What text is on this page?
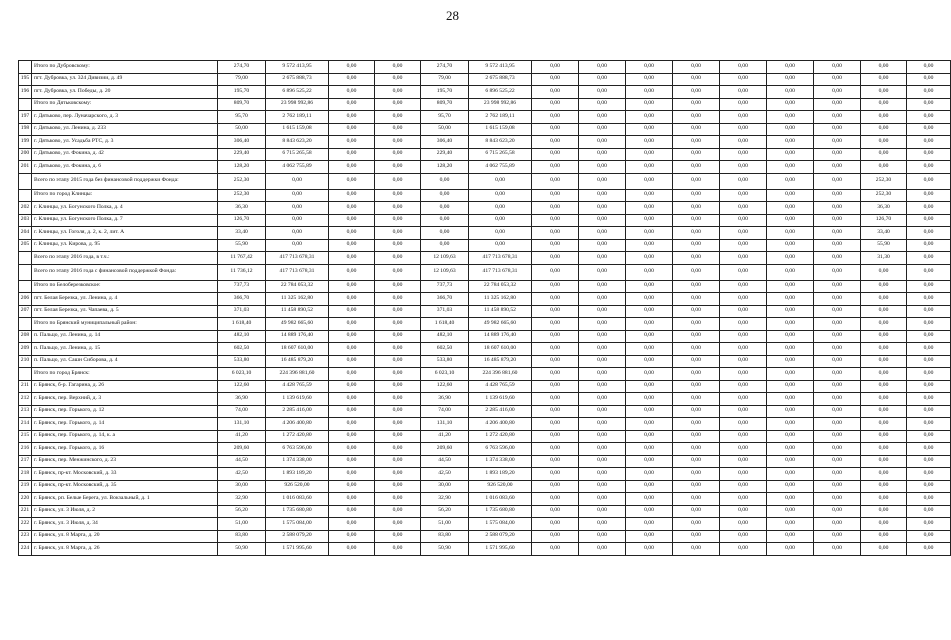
28
	Итого по Дубровскому:	274,70	9 572 413,95	0,00	0,00	274,70	9 572 413,95	0,00	0,00	0,00	0,00	0,00	0,00	0,00	0,00	0,00
195	пгт. Дубровка, ул. 324 Дивизии, д. 49	79,00	2 675 888,73	0,00	0,00	79,00	2 675 888,73	0,00	0,00	0,00	0,00	0,00	0,00	0,00	0,00	0,00
196	пгт. Дубровка, ул. Победы, д. 20	195,70	6 896 525,22	0,00	0,00	195,70	6 896 525,22	0,00	0,00	0,00	0,00	0,00	0,00	0,00	0,00	0,00
	Итого по Дятьковскому:	809,70	23 998 992,86	0,00	0,00	809,70	23 998 992,86	0,00	0,00	0,00	0,00	0,00	0,00	0,00	0,00	0,00
197	г. Дятьково, пер. Луначарского, д. 3	95,70	2 762 189,11	0,00	0,00	95,70	2 762 189,11	0,00	0,00	0,00	0,00	0,00	0,00	0,00	0,00	0,00
198	г. Дятьково, ул. Ленина, д. 233	50,00	1 615 159,08	0,00	0,00	50,00	1 615 159,08	0,00	0,00	0,00	0,00	0,00	0,00	0,00	0,00	0,00
199	г. Дятьково, ул. Усадьба РТС, д. 3	306,40	8 843 623,20	0,00	0,00	306,40	8 843 623,20	0,00	0,00	0,00	0,00	0,00	0,00	0,00	0,00	0,00
200	г. Дятьково, ул. Фокина, д. 42	229,40	6 715 265,58	0,00	0,00	229,40	6 715 265,58	0,00	0,00	0,00	0,00	0,00	0,00	0,00	0,00	0,00
201	г. Дятьково, ул. Фокина, д. 6	128,20	4 062 755,89	0,00	0,00	128,20	4 062 755,89	0,00	0,00	0,00	0,00	0,00	0,00	0,00	0,00	0,00
	Всего по этапу 2015 года без финансовой поддержки Фонда:	252,30	0,00	0,00	0,00	0,00	0,00	0,00	0,00	0,00	0,00	0,00	0,00	0,00	252,30	0,00
	Итого по город Клинцы:	252,30	0,00	0,00	0,00	0,00	0,00	0,00	0,00	0,00	0,00	0,00	0,00	0,00	252,30	0,00
202	г. Клинцы, ул. Богунского Полка, д. 4	36,30	0,00	0,00	0,00	0,00	0,00	0,00	0,00	0,00	0,00	0,00	0,00	0,00	36,30	0,00
203	г. Клинцы, ул. Богунского Полка, д. 7	126,70	0,00	0,00	0,00	0,00	0,00	0,00	0,00	0,00	0,00	0,00	0,00	0,00	126,70	0,00
204	г. Клинцы, ул. Гоголя, д. 2, к. 2, лит. А	33,40	0,00	0,00	0,00	0,00	0,00	0,00	0,00	0,00	0,00	0,00	0,00	0,00	33,40	0,00
205	г. Клинцы, ул. Кирова, д. 95	55,90	0,00	0,00	0,00	0,00	0,00	0,00	0,00	0,00	0,00	0,00	0,00	0,00	55,90	0,00
	Всего по этапу 2016 года, в т.ч.:	11 767,42	417 713 678,31	0,00	0,00	12 109,63	417 713 678,31	0,00	0,00	0,00	0,00	0,00	0,00	0,00	31,30	0,00
	Всего по этапу 2016 года с финансовой поддержкой Фонда:	11 736,12	417 713 678,31	0,00	0,00	12 109,63	417 713 678,31	0,00	0,00	0,00	0,00	0,00	0,00	0,00	0,00	0,00
	Итого по Белоберезковское:	737,73	22 784 053,32	0,00	0,00	737,73	22 784 053,32	0,00	0,00	0,00	0,00	0,00	0,00	0,00	0,00	0,00
206	пгт. Белая Березка, ул. Ленина, д. 4	366,70	11 325 162,80	0,00	0,00	366,70	11 325 162,80	0,00	0,00	0,00	0,00	0,00	0,00	0,00	0,00	0,00
207	пгт. Белая Березка, ул. Чапаева, д. 5	371,03	11 458 890,52	0,00	0,00	371,03	11 458 890,52	0,00	0,00	0,00	0,00	0,00	0,00	0,00	0,00	0,00
	Итого по Брянский муниципальный район:	1 618,40	49 982 665,60	0,00	0,00	1 618,40	49 982 665,60	0,00	0,00	0,00	0,00	0,00	0,00	0,00	0,00	0,00
208	п. Пальцо, ул. Ленина, д. 14	482,10	14 889 176,40	0,00	0,00	482,10	14 889 176,40	0,00	0,00	0,00	0,00	0,00	0,00	0,00	0,00	0,00
209	п. Пальцо, ул. Ленина, д. 15	602,50	18 607 610,00	0,00	0,00	602,50	18 607 610,00	0,00	0,00	0,00	0,00	0,00	0,00	0,00	0,00	0,00
210	п. Пальцо, ул. Сашн Сиборова, д. 4	533,80	16 485 879,20	0,00	0,00	533,80	16 485 879,20	0,00	0,00	0,00	0,00	0,00	0,00	0,00	0,00	0,00
	Итого по город Брянск:	6 023,10	224 396 881,60	0,00	0,00	6 023,10	224 396 881,60	0,00	0,00	0,00	0,00	0,00	0,00	0,00	0,00	0,00
211	г. Брянск, б-р. Гагарина, д. 26	122,60	4 428 765,59	0,00	0,00	122,60	4 428 765,59	0,00	0,00	0,00	0,00	0,00	0,00	0,00	0,00	0,00
212	г. Брянск, пер. Верхний, д. 3	36,90	1 139 619,60	0,00	0,00	36,90	1 139 619,60	0,00	0,00	0,00	0,00	0,00	0,00	0,00	0,00	0,00
213	г. Брянск, пер. Горького, д. 12	74,00	2 285 416,00	0,00	0,00	74,00	2 285 416,00	0,00	0,00	0,00	0,00	0,00	0,00	0,00	0,00	0,00
214	г. Брянск, пер. Горького, д. 14	131,10	4 206 400,80	0,00	0,00	131,10	4 206 400,80	0,00	0,00	0,00	0,00	0,00	0,00	0,00	0,00	0,00
215	г. Брянск, пер. Горького, д. 14, к. а	41,20	1 272 420,80	0,00	0,00	41,20	1 272 420,80	0,00	0,00	0,00	0,00	0,00	0,00	0,00	0,00	0,00
216	г. Брянск, пер. Горького, д. 16	209,60	6 763 596,00	0,00	0,00	209,60	6 763 596,00	0,00	0,00	0,00	0,00	0,00	0,00	0,00	0,00	0,00
217	г. Брянск, пер. Менжинского, д. 23	44,50	1 374 338,00	0,00	0,00	44,50	1 374 338,00	0,00	0,00	0,00	0,00	0,00	0,00	0,00	0,00	0,00
218	г. Брянск, пр-кт. Московский, д. 33	42,50	1 893 189,20	0,00	0,00	42,50	1 893 189,20	0,00	0,00	0,00	0,00	0,00	0,00	0,00	0,00	0,00
219	г. Брянск, пр-кт. Московский, д. 35	30,00	926 520,00	0,00	0,00	30,00	926 520,00	0,00	0,00	0,00	0,00	0,00	0,00	0,00	0,00	0,00
220	г. Брянск, рп. Белые Берега, ул. Вокзальный, д. 1	32,90	1 016 083,60	0,00	0,00	32,90	1 016 083,60	0,00	0,00	0,00	0,00	0,00	0,00	0,00	0,00	0,00
221	г. Брянск, ул. 3 Июля, д. 2	56,20	1 735 680,80	0,00	0,00	56,20	1 735 680,80	0,00	0,00	0,00	0,00	0,00	0,00	0,00	0,00	0,00
222	г. Брянск, ул. 3 Июля, д. 34	51,00	1 575 084,00	0,00	0,00	51,00	1 575 084,00	0,00	0,00	0,00	0,00	0,00	0,00	0,00	0,00	0,00
223	г. Брянск, ул. 8 Марта, д. 20	83,80	2 588 079,20	0,00	0,00	83,80	2 588 079,20	0,00	0,00	0,00	0,00	0,00	0,00	0,00	0,00	0,00
224	г. Брянск, ул. 8 Марта, д. 26	50,90	1 571 995,60	0,00	0,00	50,90	1 571 995,60	0,00	0,00	0,00	0,00	0,00	0,00	0,00	0,00	0,00
